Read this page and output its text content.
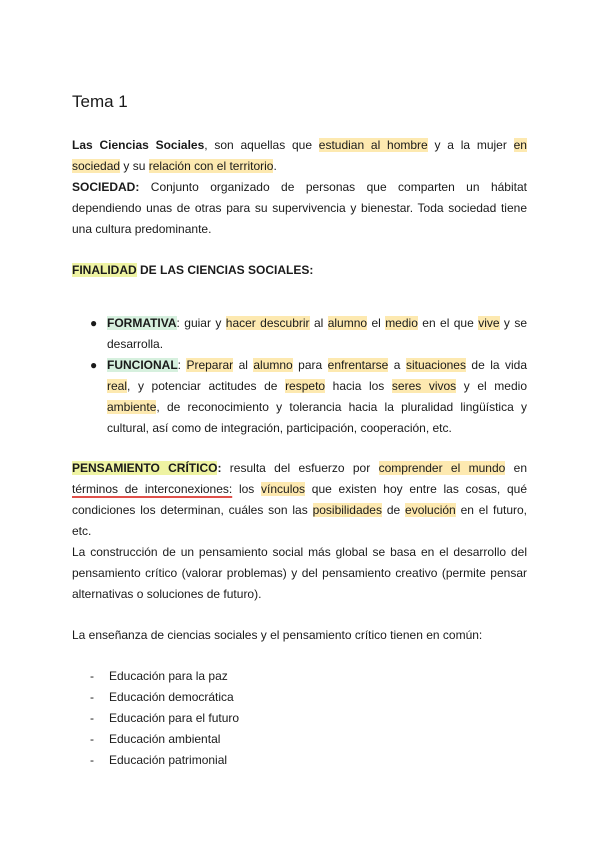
Tema 1

Las Ciencias Sociales, son aquellas que estudian al hombre y a la mujer en sociedad y su relación con el territorio.

SOCIEDAD: Conjunto organizado de personas que comparten un hábitat dependiendo unas de otras para su supervivencia y bienestar. Toda sociedad tiene una cultura predominante.

FINALIDAD DE LAS CIENCIAS SOCIALES:

● FORMATIVA: guiar y hacer descubrir al alumno el medio en el que vive y se desarrolla.
● FUNCIONAL: Preparar al alumno para enfrentarse a situaciones de la vida real, y potenciar actitudes de respeto hacia los seres vivos y el medio ambiente, de reconocimiento y tolerancia hacia la pluralidad lingüística y cultural, así como de integración, participación, cooperación, etc.

PENSAMIENTO CRÍTICO: resulta del esfuerzo por comprender el mundo en términos de interconexiones: los vínculos que existen hoy entre las cosas, qué condiciones los determinan, cuáles son las posibilidades de evolución en el futuro, etc.

La construcción de un pensamiento social más global se basa en el desarrollo del pensamiento crítico (valorar problemas) y del pensamiento creativo (permite pensar alternativas o soluciones de futuro).

La enseñanza de ciencias sociales y el pensamiento crítico tienen en común:

- Educación para la paz
- Educación democrática
- Educación para el futuro
- Educación ambiental
- Educación patrimonial
